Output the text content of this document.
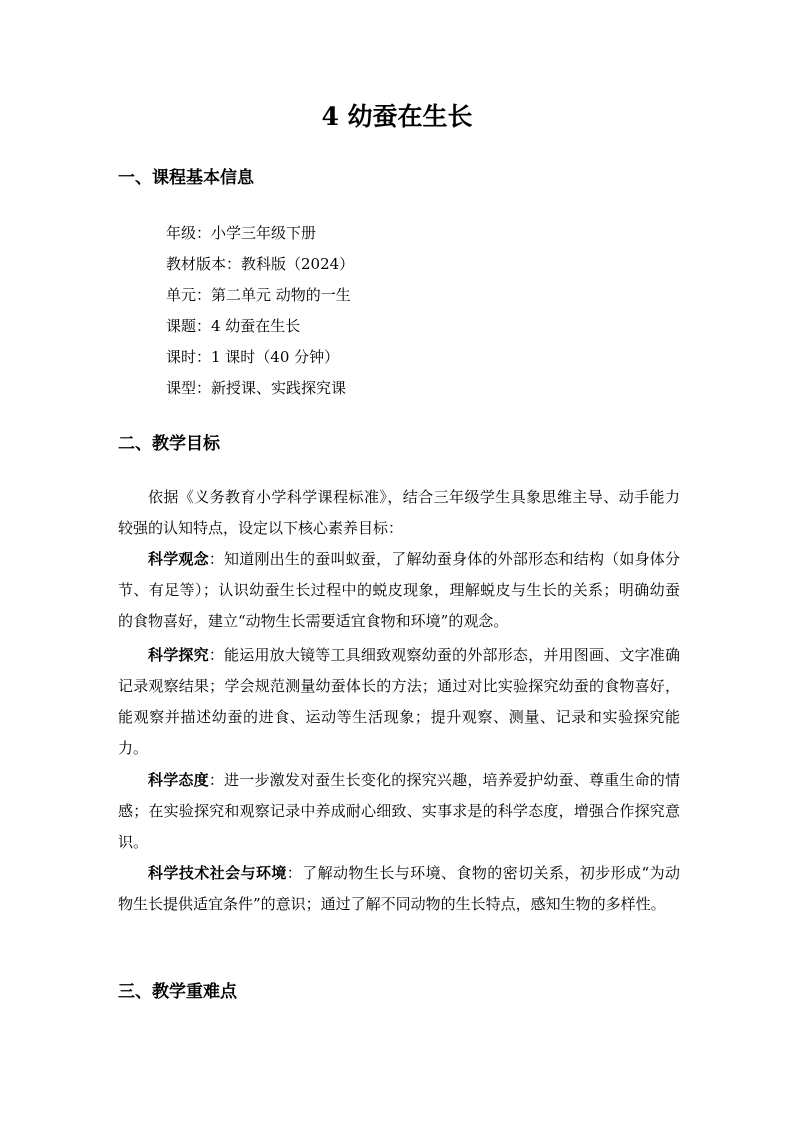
4 幼蚕在生长
一、课程基本信息
年级：小学三年级下册
教材版本：教科版（2024）
单元：第二单元 动物的一生
课题：4 幼蚕在生长
课时：1 课时（40 分钟）
课型：新授课、实践探究课
二、教学目标
依据《义务教育小学科学课程标准》，结合三年级学生具象思维主导、动手能力较强的认知特点，设定以下核心素养目标：
科学观念：知道刚出生的蚕叫蚁蚕，了解幼蚕身体的外部形态和结构（如身体分节、有足等）；认识幼蚕生长过程中的蜕皮现象，理解蜕皮与生长的关系；明确幼蚕的食物喜好，建立“动物生长需要适宜食物和环境”的观念。
科学探究：能运用放大镜等工具细致观察幼蚕的外部形态，并用图画、文字准确记录观察结果；学会规范测量幼蚕体长的方法；通过对比实验探究幼蚕的食物喜好，能观察并描述幼蚕的进食、运动等生活现象；提升观察、测量、记录和实验探究能力。
科学态度：进一步激发对蚕生长变化的探究兴趣，培养爱护幼蚕、尊重生命的情感；在实验探究和观察记录中养成耐心细致、实事求是的科学态度，增强合作探究意识。
科学技术社会与环境：了解动物生长与环境、食物的密切关系，初步形成“为动物生长提供适宜条件”的意识；通过了解不同动物的生长特点，感知生物的多样性。
三、教学重难点
